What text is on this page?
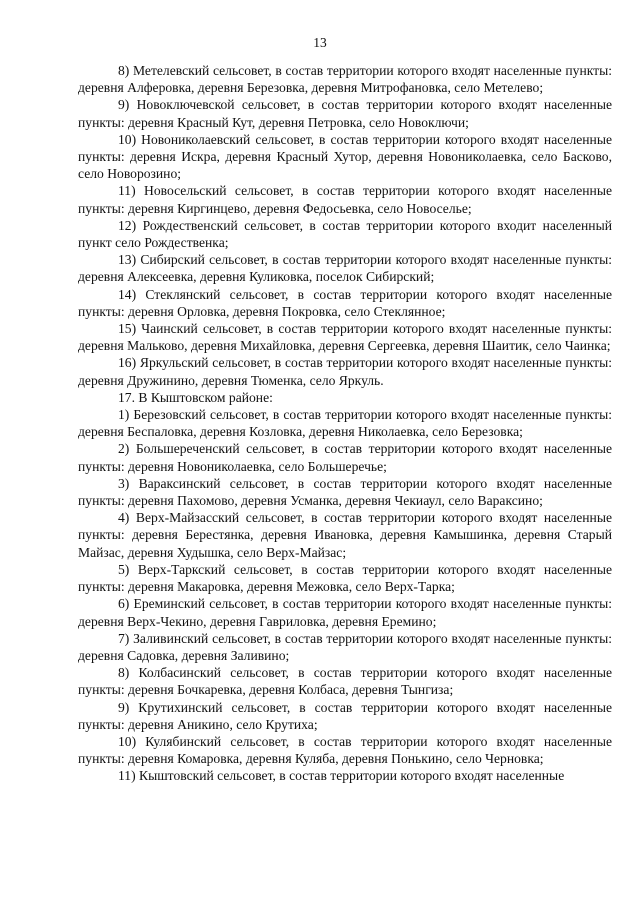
13

8) Метелевский сельсовет, в состав территории которого входят населенные пункты: деревня Алферовка, деревня Березовка, деревня Митрофановка, село Метелево;

9) Новоключевской сельсовет, в состав территории которого входят населенные пункты: деревня Красный Кут, деревня Петровка, село Новоключи;

10) Новониколаевский сельсовет, в состав территории которого входят населенные пункты: деревня Искра, деревня Красный Хутор, деревня Новониколаевка, село Басково, село Новорозино;

11) Новосельский сельсовет, в состав территории которого входят населенные пункты: деревня Киргинцево, деревня Федосьевка, село Новоселье;

12) Рождественский сельсовет, в состав территории которого входит населенный пункт село Рождественка;

13) Сибирский сельсовет, в состав территории которого входят населенные пункты: деревня Алексеевка, деревня Куликовка, поселок Сибирский;

14) Стеклянский сельсовет, в состав территории которого входят населенные пункты: деревня Орловка, деревня Покровка, село Стеклянное;

15) Чаинский сельсовет, в состав территории которого входят населенные пункты: деревня Мальково, деревня Михайловка, деревня Сергеевка, деревня Шаитик, село Чаинка;

16) Яркульский сельсовет, в состав территории которого входят населенные пункты: деревня Дружинино, деревня Тюменка, село Яркуль.

17. В Кыштовском районе:

1) Березовский сельсовет, в состав территории которого входят населенные пункты: деревня Беспаловка, деревня Козловка, деревня Николаевка, село Березовка;

2) Большереченский сельсовет, в состав территории которого входят населенные пункты: деревня Новониколаевка, село Большеречье;

3) Вараксинский сельсовет, в состав территории которого входят населенные пункты: деревня Пахомово, деревня Усманка, деревня Чекиаул, село Вараксино;

4) Верх-Майзасский сельсовет, в состав территории которого входят населенные пункты: деревня Берестянка, деревня Ивановка, деревня Камышинка, деревня Старый Майзас, деревня Худышка, село Верх-Майзас;

5) Верх-Таркский сельсовет, в состав территории которого входят населенные пункты: деревня Макаровка, деревня Межовка, село Верх-Тарка;

6) Ереминский сельсовет, в состав территории которого входят населенные пункты: деревня Верх-Чекино, деревня Гавриловка, деревня Еремино;

7) Заливинский сельсовет, в состав территории которого входят населенные пункты: деревня Садовка, деревня Заливино;

8) Колбасинский сельсовет, в состав территории которого входят населенные пункты: деревня Бочкаревка, деревня Колбаса, деревня Тынгиза;

9) Крутихинский сельсовет, в состав территории которого входят населенные пункты: деревня Аникино, село Крутиха;

10) Кулябинский сельсовет, в состав территории которого входят населенные пункты: деревня Комаровка, деревня Куляба, деревня Понькино, село Черновка;

11) Кыштовский сельсовет, в состав территории которого входят населенные
